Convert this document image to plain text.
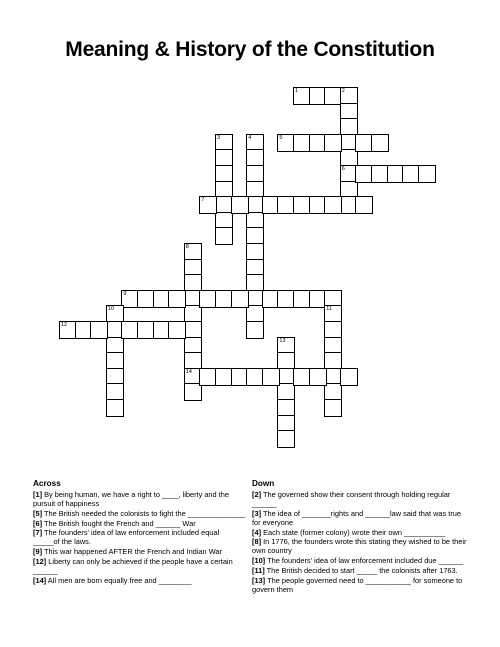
Meaning & History of the Constitution
1	2
6
3	4	5
7
8
14
9
10	11
12
13
Across
[1] By being human, we have a right to ____, liberty and the pursuit of happiness
[5] The British needed the colonists to fight the ______________
[6] The British fought the French and ______ War
[7] The founders' idea of law enforcement included equal _____of the laws.
[9] This war happened AFTER the French and Indian War
[12] Liberty can only be achieved if the people have a certain ______
[14] All men are born equally free and ________
Down
[2] The governed show their consent through holding regular ______
[3] The idea of _______rights and ______law said that was true for everyone
[4] Each state (former colony) wrote their own __________
[8] In 1776, the founders wrote this stating they wished to be their own country
[10] The founders' idea of law enforcement included due ______
[11] The British decided to start _____ the colonists after 1763.
[13] The people governed need to ___________ for someone to govern them
